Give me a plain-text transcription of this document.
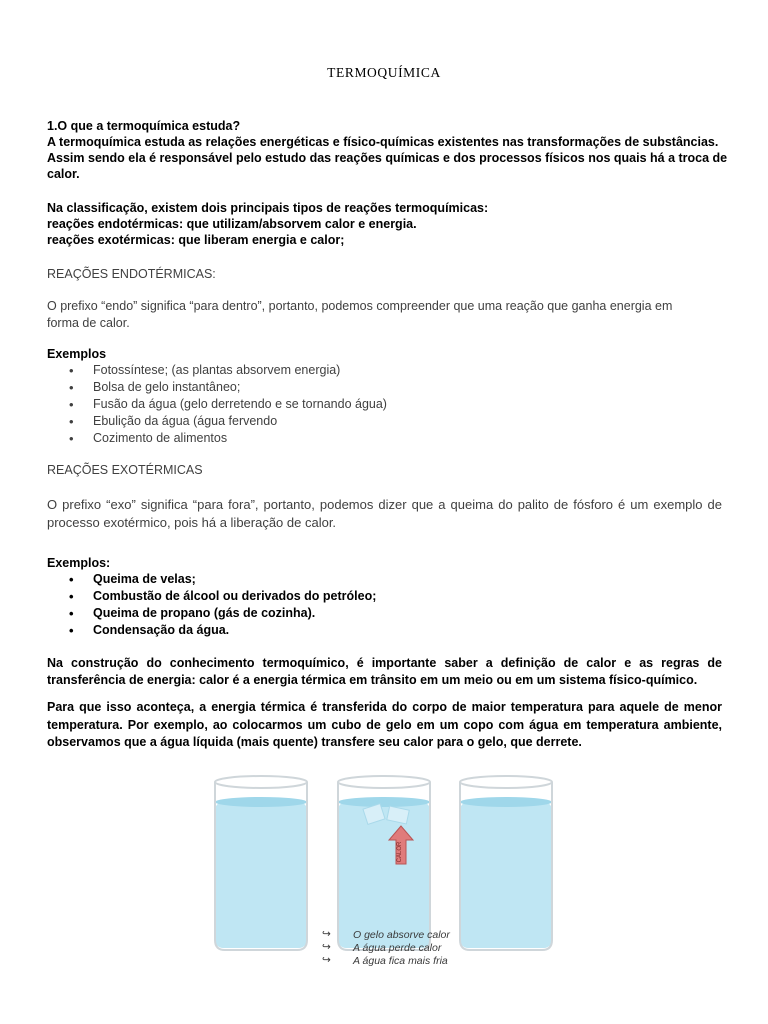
TERMOQUÍMICA
1.O que a termoquímica estuda?
A termoquímica estuda as relações energéticas e físico-químicas existentes nas transformações de substâncias.
Assim sendo ela é responsável pelo estudo das reações químicas e dos processos físicos nos quais há a troca de
calor.
Na classificação, existem dois principais tipos de reações termoquímicas:
reações endotérmicas: que utilizam/absorvem calor e energia.
reações exotérmicas: que liberam energia e calor;
REAÇÕES ENDOTÉRMICAS:
O prefixo “endo” significa “para dentro”, portanto, podemos compreender que uma reação que ganha energia em
forma de calor.
Exemplos
• Fotossíntese; (as plantas absorvem energia)
• Bolsa de gelo instantâneo;
• Fusão da água (gelo derretendo e se tornando água)
• Ebulição da água (água fervendo
• Cozimento de alimentos
REAÇÕES EXOTÉRMICAS
O prefixo “exo” significa “para fora”, portanto, podemos dizer que a queima do palito de fósforo é um exemplo de processo exotérmico, pois há a liberação de calor.
Exemplos:
• Queima de velas;
• Combustão de álcool ou derivados do petróleo;
• Queima de propano (gás de cozinha).
• Condensação da água.
Na construção do conhecimento termoquímico, é importante saber a definição de calor e as regras de transferência de energia: calor é a energia térmica em trânsito em um meio ou em um sistema físico-químico.
Para que isso aconteça, a energia térmica é transferida do corpo de maior temperatura para aquele de menor temperatura. Por exemplo, ao colocarmos um cubo de gelo em um copo com água em temperatura ambiente, observamos que a água líquida (mais quente) transfere seu calor para o gelo, que derrete.
CALOR
↪ O gelo absorve calor
↪ A água perde calor
↪ A água fica mais fria
